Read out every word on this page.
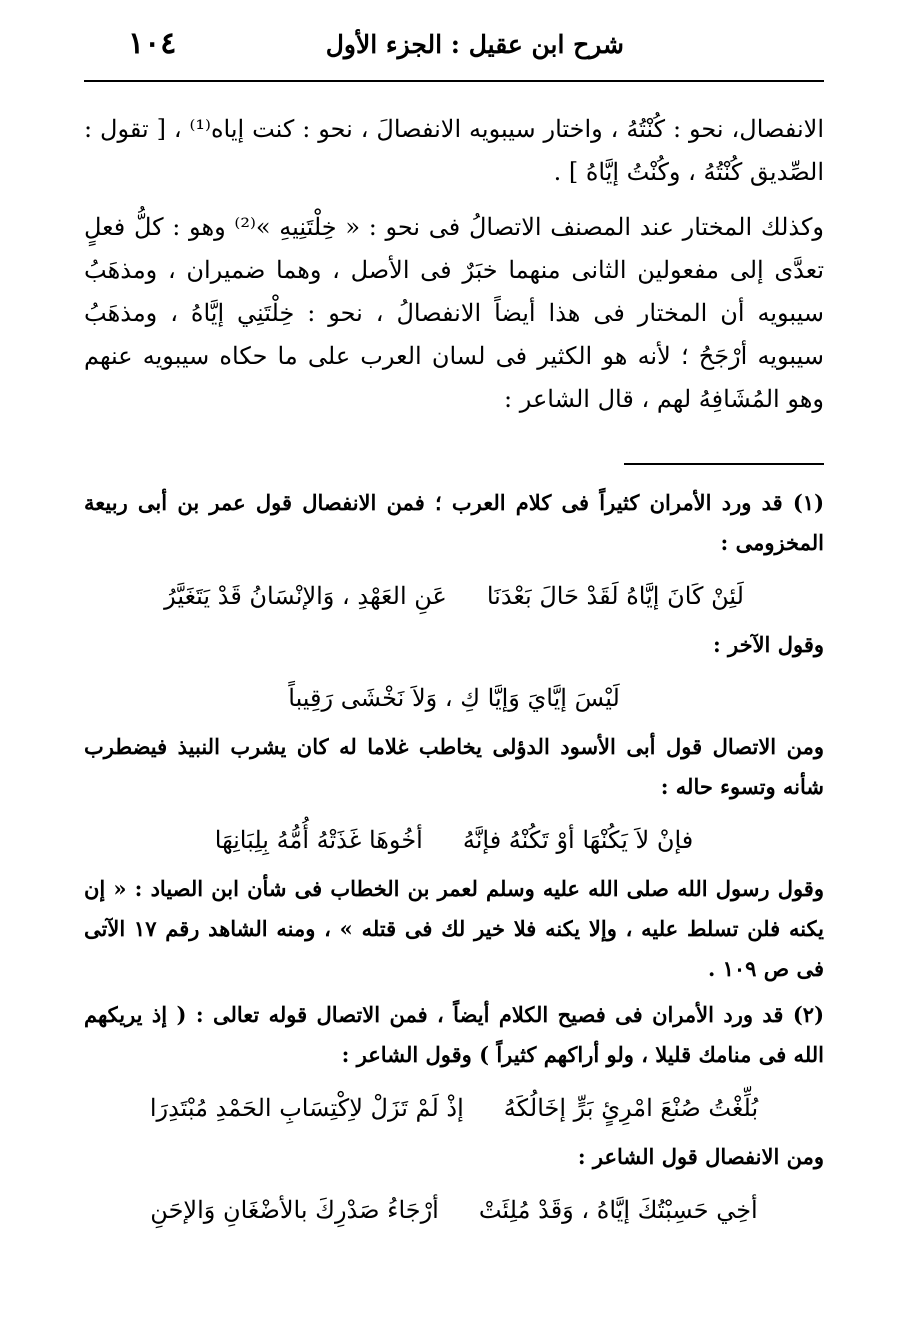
شرح ابن عقيل : الجزء الأول
١٠٤

الانفصال، نحو : كُنْتُهُ ، واختار سيبويه الانفصالَ ، نحو : كنت إياه⁽¹⁾ ، [ تقول : الصِّديق كُنْتُهُ ، وكُنْتُ إيَّاهُ ] .

وكذلك المختار عند المصنف الاتصالُ فى نحو : « خِلْتَنِيهِ »⁽²⁾ وهو : كلُّ فعلٍ تعدَّى إلى مفعولين الثانى منهما خبَرٌ فى الأصل ، وهما ضميران ، ومذهَبُ سيبويه أن المختار فى هذا أيضاً الانفصالُ ، نحو : خِلْتَنِي إيَّاهُ ، ومذهَبُ سيبويه أرْجَحُ ؛ لأنه هو الكثير فى لسان العرب على ما حكاه سيبويه عنهم وهو المُشَافِهُ لهم ، قال الشاعر :

(١) قد ورد الأمران كثيراً فى كلام العرب ؛ فمن الانفصال قول عمر بن أبى ربيعة المخزومى :

لَئِنْ كَانَ إيَّاهُ لَقَدْ حَالَ بَعْدَنَا
عَنِ العَهْدِ ، وَالإنْسَانُ قَدْ يَتَغَيَّرُ

وقول الآخر :

لَيْسَ إيَّايَ وَإيَّا كِ ، وَلاَ نَخْشَى رَقِيباً

ومن الاتصال قول أبى الأسود الدؤلى يخاطب غلاما له كان يشرب النبيذ فيضطرب شأنه وتسوء حاله :

فإنْ لاَ يَكُنْهَا أوْ تَكُنْهُ فإنَّهُ
أخُوهَا غَذَتْهُ أُمُّهُ بِلِبَانِهَا

وقول رسول الله صلى الله عليه وسلم لعمر بن الخطاب فى شأن ابن الصياد : « إن يكنه فلن تسلط عليه ، وإلا يكنه فلا خير لك فى قتله » ، ومنه الشاهد رقم ١٧ الآتى فى ص ١٠٩ .

(٢) قد ورد الأمران فى فصيح الكلام أيضاً ، فمن الاتصال قوله تعالى : ( إذ يريكهم الله فى منامك قليلا ، ولو أراكهم كثيراً ) وقول الشاعر :

بُلِّغْتُ صُنْعَ امْرِئٍ بَرٍّ إخَالُكَهُ
إذْ لَمْ تَزَلْ لاِكْتِسَابِ الحَمْدِ مُبْتَدِرَا

ومن الانفصال قول الشاعر :

أخِي حَسِبْتُكَ إيَّاهُ ، وَقَدْ مُلِئَتْ
أرْجَاءُ صَدْرِكَ بالأضْغَانِ وَالإحَنِ
